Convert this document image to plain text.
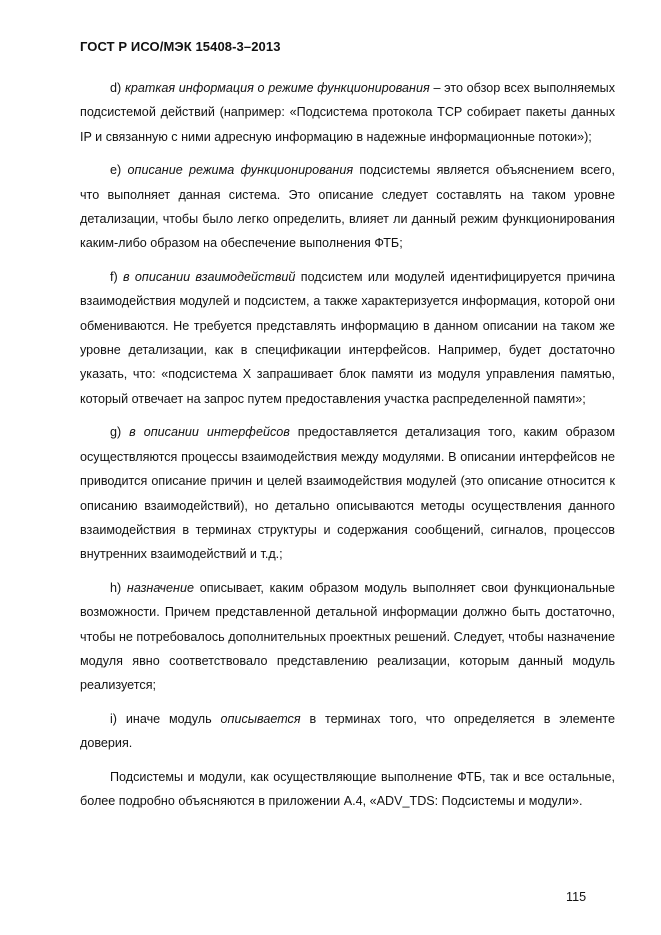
ГОСТ Р ИСО/МЭК 15408-3–2013

d) краткая информация о режиме функционирования – это обзор всех выполняемых подсистемой действий (например: «Подсистема протокола TCP собирает пакеты данных IP и связанную с ними адресную информацию в надежные информационные потоки»);

e) описание режима функционирования подсистемы является объяснением всего, что выполняет данная система. Это описание следует составлять на таком уровне детализации, чтобы было легко определить, влияет ли данный режим функционирования каким-либо образом на обеспечение выполнения ФТБ;

f) в описании взаимодействий подсистем или модулей идентифицируется причина взаимодействия модулей и подсистем, а также характеризуется информация, которой они обмениваются. Не требуется представлять информацию в данном описании на таком же уровне детализации, как в спецификации интерфейсов. Например, будет достаточно указать, что: «подсистема X запрашивает блок памяти из модуля управления памятью, который отвечает на запрос путем предоставления участка распределенной памяти»;

g) в описании интерфейсов предоставляется детализация того, каким образом осуществляются процессы взаимодействия между модулями. В описании интерфейсов не приводится описание причин и целей взаимодействия модулей (это описание относится к описанию взаимодействий), но детально описываются методы осуществления данного взаимодействия в терминах структуры и содержания сообщений, сигналов, процессов внутренних взаимодействий и т.д.;

h) назначение описывает, каким образом модуль выполняет свои функциональные возможности. Причем представленной детальной информации должно быть достаточно, чтобы не потребовалось дополнительных проектных решений. Следует, чтобы назначение модуля явно соответствовало представлению реализации, которым данный модуль реализуется;

i) иначе модуль описывается в терминах того, что определяется в элементе доверия.

Подсистемы и модули, как осуществляющие выполнение ФТБ, так и все остальные, более подробно объясняются в приложении А.4, «ADV_TDS: Подсистемы и модули».

115
